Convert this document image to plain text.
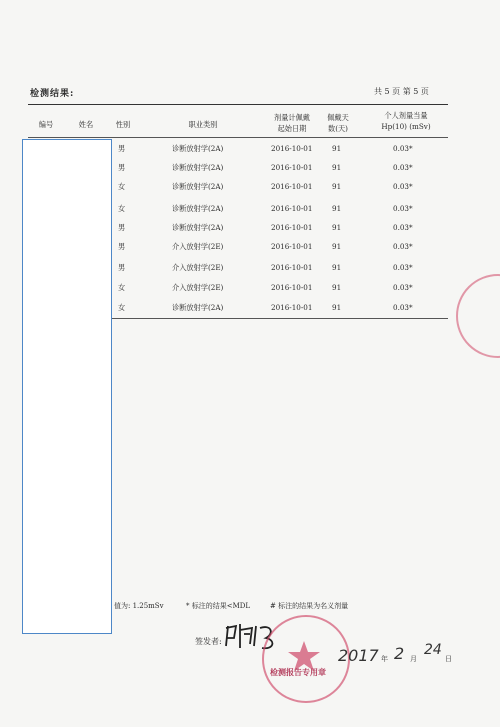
检测结果:	共 5 页 第 5 页
编号	姓名	性别	职业类别
剂量计佩戴
起始日期
佩戴天
数(天)
个人剂量当量
Hp(10) (mSv)
男	诊断放射学(2A)	2016-10-01	91	0.03*
男	诊断放射学(2A)	2016-10-01	91	0.03*
女	诊断放射学(2A)	2016-10-01	91	0.03*
女	诊断放射学(2A)	2016-10-01	91	0.03*
男	诊断放射学(2A)	2016-10-01	91	0.03*
男	介入放射学(2E)	2016-10-01	91	0.03*
男	介入放射学(2E)	2016-10-01	91	0.03*
女	介入放射学(2E)	2016-10-01	91	0.03*
女	诊断放射学(2A)	2016-10-01	91	0.03*
值为: 1.25mSv	* 标注的结果<MDL	# 标注的结果为名义剂量
签发者:
检测报告专用章
2017 年 2 月
24
日
